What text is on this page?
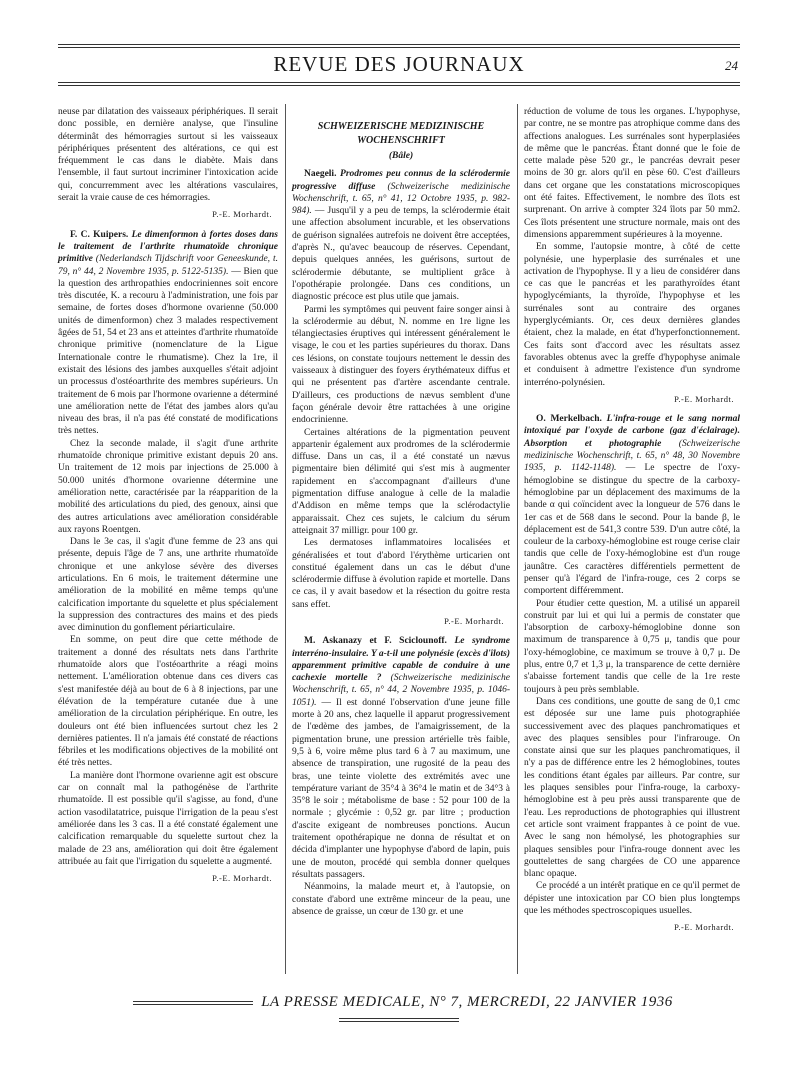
REVUE DES JOURNAUX	24

neuse par dilatation des vaisseaux périphériques. Il serait donc possible, en dernière analyse, que l'insuline déterminât des hémorragies surtout si les vaisseaux périphériques présentent des altérations, ce qui est fréquemment le cas dans le diabète. Mais dans l'ensemble, il faut surtout incriminer l'intoxication acide qui, concurremment avec les altérations vasculaires, serait la vraie cause de ces hémorragies.

P.-E. Morhardt.

F. C. Kuipers. Le dimenformon à fortes doses dans le traitement de l'arthrite rhumatoïde chronique primitive (Nederlandsch Tijdschrift voor Geneeskunde, t. 79, n° 44, 2 Novembre 1935, p. 5122-5135). — Bien que la question des arthropathies endocriniennes soit encore très discutée, K. a recouru à l'administration, une fois par semaine, de fortes doses d'hormone ovarienne (50.000 unités de dimenformon) chez 3 malades respectivement âgées de 51, 54 et 23 ans et atteintes d'arthrite rhumatoïde chronique primitive (nomenclature de la Ligue Internationale contre le rhumatisme). Chez la 1re, il existait des lésions des jambes auxquelles s'était adjoint un processus d'ostéoarthrite des membres supérieurs. Un traitement de 6 mois par l'hormone ovarienne a déterminé une amélioration nette de l'état des jambes alors qu'au niveau des bras, il n'a pas été constaté de modifications très nettes.

Chez la seconde malade, il s'agit d'une arthrite rhumatoïde chronique primitive existant depuis 20 ans. Un traitement de 12 mois par injections de 25.000 à 50.000 unités d'hormone ovarienne détermine une amélioration nette, caractérisée par la réapparition de la mobilité des articulations du pied, des genoux, ainsi que des autres articulations avec amélioration considérable aux rayons Roentgen.

Dans le 3e cas, il s'agit d'une femme de 23 ans qui présente, depuis l'âge de 7 ans, une arthrite rhumatoïde chronique et une ankylose sévère des diverses articulations. En 6 mois, le traitement détermine une amélioration de la mobilité en même temps qu'une calcification importante du squelette et plus spécialement la suppression des contractures des mains et des pieds avec diminution du gonflement périarticulaire.

En somme, on peut dire que cette méthode de traitement a donné des résultats nets dans l'arthrite rhumatoïde alors que l'ostéoarthrite a réagi moins nettement. L'amélioration obtenue dans ces divers cas s'est manifestée déjà au bout de 6 à 8 injections, par une élévation de la température cutanée due à une amélioration de la circulation périphérique. En outre, les douleurs ont été bien influencées surtout chez les 2 dernières patientes. Il n'a jamais été constaté de réactions fébriles et les modifications objectives de la mobilité ont été très nettes.

La manière dont l'hormone ovarienne agit est obscure car on connaît mal la pathogénèse de l'arthrite rhumatoïde. Il est possible qu'il s'agisse, au fond, d'une action vasodilatatrice, puisque l'irrigation de la peau s'est améliorée dans les 3 cas. Il a été constaté également une calcification remarquable du squelette surtout chez la malade de 23 ans, amélioration qui doit être également attribuée au fait que l'irrigation du squelette a augmenté.

P.-E. Morhardt.

SCHWEIZERISCHE MEDIZINISCHE WOCHENSCHRIFT

(Bâle)

Naegeli. Prodromes peu connus de la sclérodermie progressive diffuse (Schweizerische medizinische Wochenschrift, t. 65, n° 41, 12 Octobre 1935, p. 982-984). — Jusqu'il y a peu de temps, la sclérodermie était une affection absolument incurable, et les observations de guérison signalées autrefois ne doivent être acceptées, d'après N., qu'avec beaucoup de réserves. Cependant, depuis quelques années, les guérisons, surtout de sclérodermie débutante, se multiplient grâce à l'opothérapie prolongée. Dans ces conditions, un diagnostic précoce est plus utile que jamais.

Parmi les symptômes qui peuvent faire songer ainsi à la sclérodermie au début, N. nomme en 1re ligne les télangiectasies éruptives qui intéressent généralement le visage, le cou et les parties supérieures du thorax. Dans ces lésions, on constate toujours nettement le dessin des vaisseaux à distinguer des foyers érythémateux diffus et qui ne présentent pas d'artère ascendante centrale. D'ailleurs, ces productions de nævus semblent d'une façon générale devoir être rattachées à une origine endocrinienne.

Certaines altérations de la pigmentation peuvent appartenir également aux prodromes de la sclérodermie diffuse. Dans un cas, il a été constaté un nævus pigmentaire bien délimité qui s'est mis à augmenter rapidement en s'accompagnant d'ailleurs d'une pigmentation diffuse analogue à celle de la maladie d'Addison en même temps que la sclérodactylie apparaissait. Chez ces sujets, le calcium du sérum atteignait 37 milligr. pour 100 gr.

Les dermatoses inflammatoires localisées et généralisées et tout d'abord l'érythème urticarien ont constitué également dans un cas le début d'une sclérodermie diffuse à évolution rapide et mortelle. Dans ce cas, il y avait basedow et la résection du goitre resta sans effet.

P.-E. Morhardt.

M. Askanazy et F. Sciclounoff. Le syndrome interréno-insulaire. Y a-t-il une polynésie (excès d'îlots) apparemment primitive capable de conduire à une cachexie mortelle ? (Schweizerische medizinische Wochenschrift, t. 65, n° 44, 2 Novembre 1935, p. 1046-1051). — Il est donné l'observation d'une jeune fille morte à 20 ans, chez laquelle il apparut progressivement de l'œdème des jambes, de l'amaigrissement, de la pigmentation brune, une pression artérielle très faible, 9,5 à 6, voire même plus tard 6 à 7 au maximum, une absence de transpiration, une rugosité de la peau des bras, une teinte violette des extrémités avec une température variant de 35°4 à 36°4 le matin et de 34°3 à 35°8 le soir ; métabolisme de base : 52 pour 100 de la normale ; glycémie : 0,52 gr. par litre ; production d'ascite exigeant de nombreuses ponctions. Aucun traitement opothérapique ne donna de résultat et on décida d'implanter une hypophyse d'abord de lapin, puis une de mouton, procédé qui sembla donner quelques résultats passagers.

Néanmoins, la malade meurt et, à l'autopsie, on constate d'abord une extrême minceur de la peau, une absence de graisse, un cœur de 130 gr. et une

réduction de volume de tous les organes. L'hypophyse, par contre, ne se montre pas atrophique comme dans des affections analogues. Les surrénales sont hyperplasiées de même que le pancréas. Étant donné que le foie de cette malade pèse 520 gr., le pancréas devrait peser moins de 30 gr. alors qu'il en pèse 60. C'est d'ailleurs dans cet organe que les constatations microscopiques ont été faites. Effectivement, le nombre des îlots est surprenant. On arrive à compter 324 îlots par 50 mm2. Ces îlots présentent une structure normale, mais ont des dimensions apparemment supérieures à la moyenne.

En somme, l'autopsie montre, à côté de cette polynésie, une hyperplasie des surrénales et une activation de l'hypophyse. Il y a lieu de considérer dans ce cas que le pancréas et les parathyroïdes étant hypoglycémiants, la thyroïde, l'hypophyse et les surrénales sont au contraire des organes hyperglycémiants. Or, ces deux dernières glandes étaient, chez la malade, en état d'hyperfonctionnement. Ces faits sont d'accord avec les résultats assez favorables obtenus avec la greffe d'hypophyse animale et conduisent à admettre l'existence d'un syndrome interréno-polynésien.

P.-E. Morhardt.

O. Merkelbach. L'infra-rouge et le sang normal intoxiqué par l'oxyde de carbone (gaz d'éclairage). Absorption et photographie (Schweizerische medizinische Wochenschrift, t. 65, n° 48, 30 Novembre 1935, p. 1142-1148). — Le spectre de l'oxy-hémoglobine se distingue du spectre de la carboxy-hémoglobine par un déplacement des maximums de la bande α qui coïncident avec la longueur de 576 dans le 1er cas et de 568 dans le second. Pour la bande β, le déplacement est de 541,3 contre 539. D'un autre côté, la couleur de la carboxy-hémoglobine est rouge cerise clair tandis que celle de l'oxy-hémoglobine est d'un rouge jaunâtre. Ces caractères différentiels permettent de penser qu'à l'égard de l'infra-rouge, ces 2 corps se comportent différemment.

Pour étudier cette question, M. a utilisé un appareil construit par lui et qui lui a permis de constater que l'absorption de carboxy-hémoglobine donne son maximum de transparence à 0,75 μ, tandis que pour l'oxy-hémoglobine, ce maximum se trouve à 0,7 μ. De plus, entre 0,7 et 1,3 μ, la transparence de cette dernière s'abaisse fortement tandis que celle de la 1re reste toujours à peu près semblable.

Dans ces conditions, une goutte de sang de 0,1 cmc est déposée sur une lame puis photographiée successivement avec des plaques panchromatiques et avec des plaques sensibles pour l'infrarouge. On constate ainsi que sur les plaques panchromatiques, il n'y a pas de différence entre les 2 hémoglobines, toutes les conditions étant égales par ailleurs. Par contre, sur les plaques sensibles pour l'infra-rouge, la carboxy-hémoglobine est à peu près aussi transparente que de l'eau. Les reproductions de photographies qui illustrent cet article sont vraiment frappantes à ce point de vue. Avec le sang non hémolysé, les photographies sur plaques sensibles pour l'infra-rouge donnent avec les gouttelettes de sang chargées de CO une apparence blanc opaque.

Ce procédé a un intérêt pratique en ce qu'il permet de dépister une intoxication par CO bien plus longtemps que les méthodes spectroscopiques usuelles.

P.-E. Morhardt.

LA PRESSE MEDICALE, N° 7, MERCREDI, 22 JANVIER 1936
